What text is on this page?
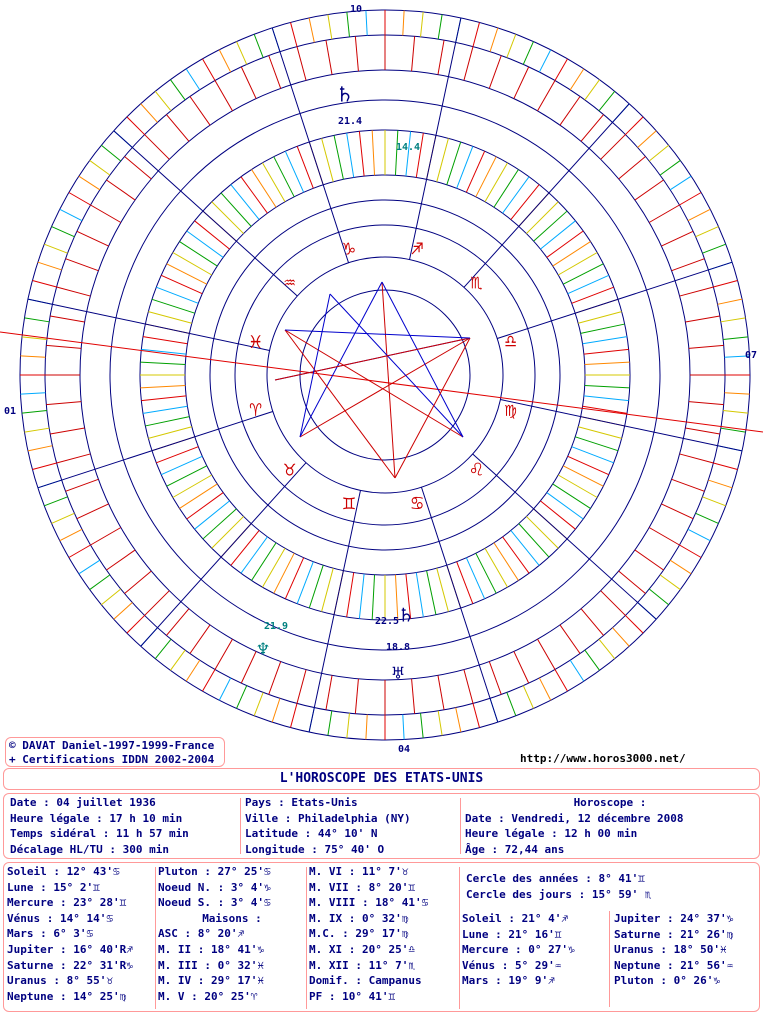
♈
♉
♊	♋
♌
♍
♎
♏
♐
♑
♒
♓
10
04
01
07
♄
21.4
14.4
♄
22.5
21.9
♆	18.8
♅
© DAVAT Daniel-1997-1999-France
+ Certifications IDDN 2002-2004	http://www.horos3000.net/
L'HOROSCOPE DES ETATS-UNIS
Date : 04 juillet 1936
Heure légale : 17 h 10 min
Temps sidéral : 11 h 57 min
Décalage HL/TU : 300 min
Pays : Etats-Unis
Ville : Philadelphia (NY)
Latitude : 44° 10' N
Longitude : 75° 40' O
Horoscope :
Date : Vendredi, 12 décembre 2008
Heure légale : 12 h 00 min
Âge : 72,44 ans
Soleil : 12° 43'♋
Lune : 15° 2'♊
Mercure : 23° 28'♊
Vénus : 14° 14'♋
Mars : 6° 3'♋
Jupiter : 16° 40'R♐
Saturne : 22° 31'R♑
Uranus : 8° 55'♉
Neptune : 14° 25'♍
Pluton : 27° 25'♋
Noeud N. : 3° 4'♑
Noeud S. : 3° 4'♋
Maisons :
ASC : 8° 20'♐
M. II : 18° 41'♑
M. III : 0° 32'♓
M. IV : 29° 17'♓
M. V : 20° 25'♈
M. VI : 11° 7'♉
M. VII : 8° 20'♊
M. VIII : 18° 41'♋
M. IX : 0° 32'♍
M.C. : 29° 17'♍
M. XI : 20° 25'♎
M. XII : 11° 7'♏
Domif. : Campanus
PF : 10° 41'♊
Cercle des années : 8° 41'♊
Cercle des jours : 15° 59' ♏
Soleil : 21° 4'♐
Lune : 21° 16'♊
Mercure : 0° 27'♑
Vénus : 5° 29'♒
Mars : 19° 9'♐
Jupiter : 24° 37'♑
Saturne : 21° 26'♍
Uranus : 18° 50'♓
Neptune : 21° 56'♒
Pluton : 0° 26'♑
